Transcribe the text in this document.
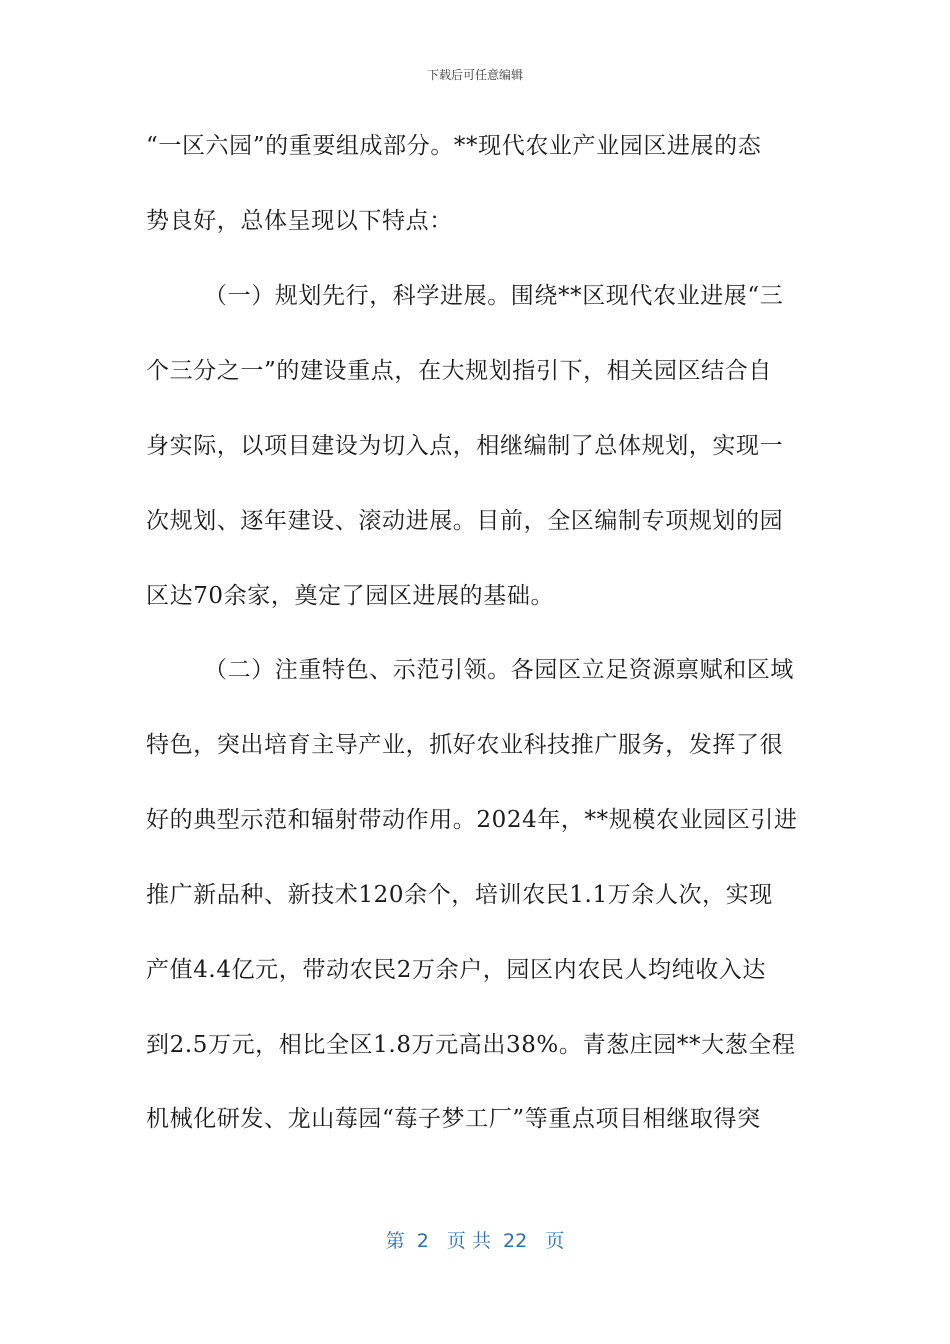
下载后可任意编辑
“一区六园”的重要组成部分。**现代农业产业园区进展的态
势良好，总体呈现以下特点：
（一）规划先行，科学进展。围绕**区现代农业进展“三
个三分之一”的建设重点，在大规划指引下，相关园区结合自
身实际，以项目建设为切入点，相继编制了总体规划，实现一
次规划、逐年建设、滚动进展。目前，全区编制专项规划的园
区达70余家，奠定了园区进展的基础。
（二）注重特色、示范引领。各园区立足资源禀赋和区域
特色，突出培育主导产业，抓好农业科技推广服务，发挥了很
好的典型示范和辐射带动作用。2024年，**规模农业园区引进
推广新品种、新技术120余个，培训农民1.1万余人次，实现
产值4.4亿元，带动农民2万余户，园区内农民人均纯收入达
到2.5万元，相比全区1.8万元高出38%。青葱庄园**大葱全程
机械化研发、龙山莓园“莓子梦工厂”等重点项目相继取得突
第  2   页 共  22   页
